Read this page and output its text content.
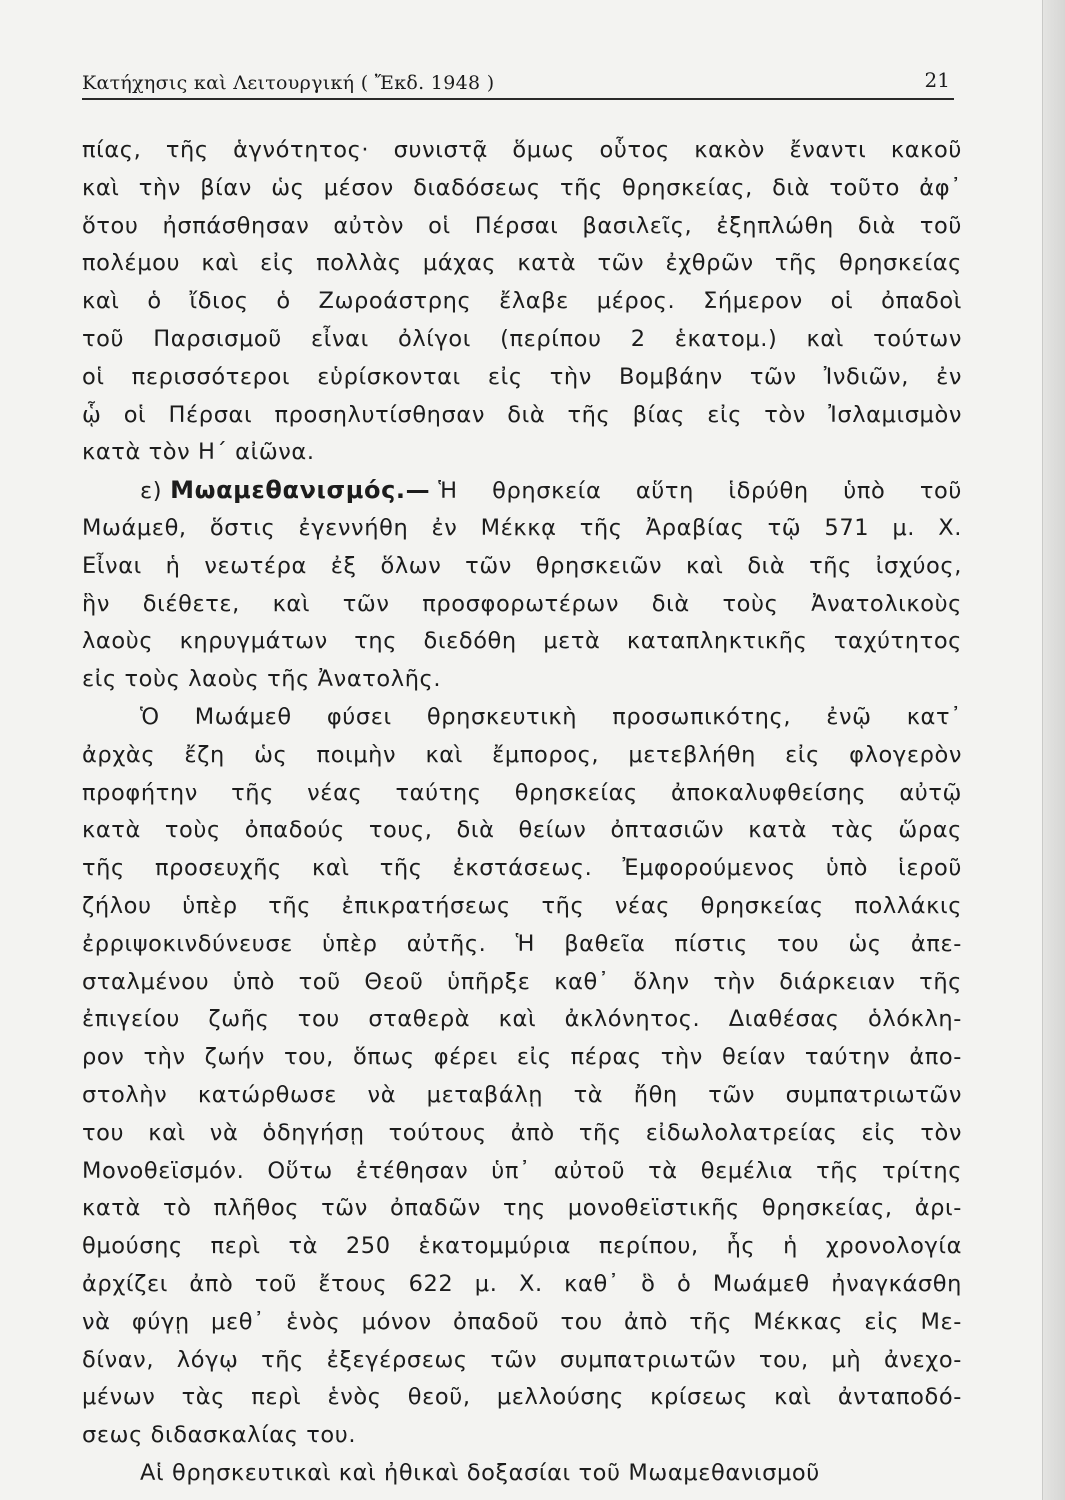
Κατήχησις καὶ Λειτουργική ( Ἔκδ. 1948 )	21
πίας, τῆς ἁγνότητος· συνιστᾷ ὅμως οὗτος κακὸν ἔναντι κακοῦ
καὶ τὴν βίαν ὡς μέσον διαδόσεως τῆς θρησκείας, διὰ τοῦτο ἀφ᾽
ὅτου ἠσπάσθησαν αὐτὸν οἱ Πέρσαι βασιλεῖς, ἐξηπλώθη διὰ τοῦ
πολέμου καὶ εἰς πολλὰς μάχας κατὰ τῶν ἐχθρῶν τῆς θρησκείας
καὶ ὁ ἴδιος ὁ Ζωροάστρης ἔλαβε μέρος. Σήμερον οἱ ὀπαδοὶ
τοῦ Παρσισμοῦ εἶναι ὀλίγοι (περίπου 2 ἑκατομ.) καὶ τούτων
οἱ περισσότεροι εὑρίσκονται εἰς τὴν Βομβάην τῶν Ἰνδιῶν, ἐν
ᾧ οἱ Πέρσαι προσηλυτίσθησαν διὰ τῆς βίας εἰς τὸν Ἰσλαμισμὸν
κατὰ τὸν Η΄ αἰῶνα.
ε) Μωαμεθανισμός.— Ἡ θρησκεία αὕτη ἱδρύθη ὑπὸ τοῦ
Μωάμεθ, ὅστις ἐγεννήθη ἐν Μέκκᾳ τῆς Ἀραβίας τῷ 571 μ. Χ.
Εἶναι ἡ νεωτέρα ἐξ ὅλων τῶν θρησκειῶν καὶ διὰ τῆς ἰσχύος,
ἣν διέθετε, καὶ τῶν προσφορωτέρων διὰ τοὺς Ἀνατολικοὺς
λαοὺς κηρυγμάτων της διεδόθη μετὰ καταπληκτικῆς ταχύτητος
εἰς τοὺς λαοὺς τῆς Ἀνατολῆς.
Ὁ Μωάμεθ φύσει θρησκευτικὴ προσωπικότης, ἐνῷ κατ᾽
ἀρχὰς ἔζη ὡς ποιμὴν καὶ ἔμπορος, μετεβλήθη εἰς φλογερὸν
προφήτην τῆς νέας ταύτης θρησκείας ἀποκαλυφθείσης αὐτῷ
κατὰ τοὺς ὀπαδούς τους, διὰ θείων ὀπτασιῶν κατὰ τὰς ὥρας
τῆς προσευχῆς καὶ τῆς ἐκστάσεως. Ἐμφορούμενος ὑπὸ ἱεροῦ
ζήλου ὑπὲρ τῆς ἐπικρατήσεως τῆς νέας θρησκείας πολλάκις
ἐρριψοκινδύνευσε ὑπὲρ αὐτῆς. Ἡ βαθεῖα πίστις του ὡς ἀπε-
σταλμένου ὑπὸ τοῦ Θεοῦ ὑπῆρξε καθ᾽ ὅλην τὴν διάρκειαν τῆς
ἐπιγείου ζωῆς του σταθερὰ καὶ ἀκλόνητος. Διαθέσας ὁλόκλη-
ρον τὴν ζωήν του, ὅπως φέρει εἰς πέρας τὴν θείαν ταύτην ἀπο-
στολὴν κατώρθωσε νὰ μεταβάλῃ τὰ ἤθη τῶν συμπατριωτῶν
του καὶ νὰ ὁδηγήσῃ τούτους ἀπὸ τῆς εἰδωλολατρείας εἰς τὸν
Μονοθεϊσμόν. Οὕτω ἐτέθησαν ὑπ᾽ αὐτοῦ τὰ θεμέλια τῆς τρίτης
κατὰ τὸ πλῆθος τῶν ὀπαδῶν της μονοθεϊστικῆς θρησκείας, ἀρι-
θμούσης περὶ τὰ 250 ἑκατομμύρια περίπου, ἧς ἡ χρονολογία
ἀρχίζει ἀπὸ τοῦ ἔτους 622 μ. Χ. καθ᾽ ὃ ὁ Μωάμεθ ἠναγκάσθη
νὰ φύγῃ μεθ᾽ ἑνὸς μόνον ὀπαδοῦ του ἀπὸ τῆς Μέκκας εἰς Με-
δίναν, λόγῳ τῆς ἐξεγέρσεως τῶν συμπατριωτῶν του, μὴ ἀνεχο-
μένων τὰς περὶ ἑνὸς θεοῦ, μελλούσης κρίσεως καὶ ἀνταποδό-
σεως διδασκαλίας του.
Αἱ θρησκευτικαὶ καὶ ἠθικαὶ δοξασίαι τοῦ Μωαμεθανισμοῦ
